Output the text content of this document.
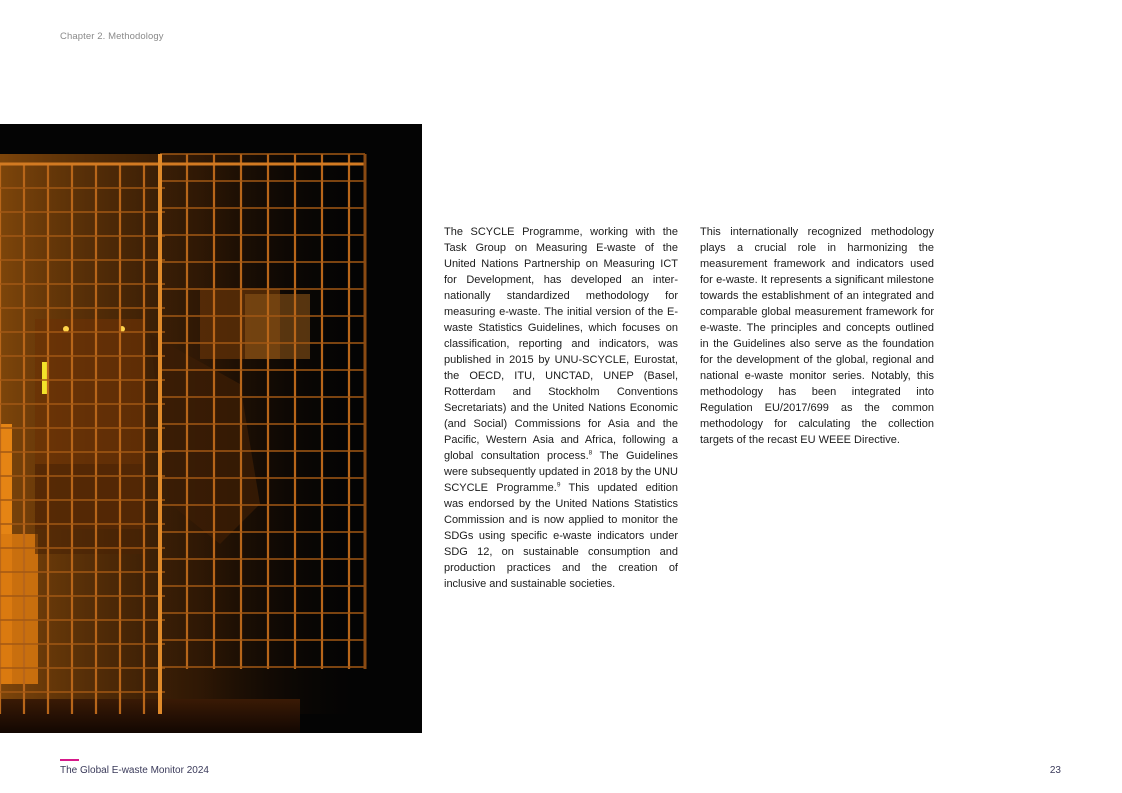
Chapter 2. Methodology
The SCYCLE Programme, working with the Task Group on Measuring E-waste of the United Nations Partnership on Measuring ICT for Development, has developed an internationally standardized methodology for measuring e-waste. The initial version of the E-waste Statistics Guidelines, which focuses on classification, reporting and indicators, was published in 2015 by UNU-SCYCLE, Eurostat, the OECD, ITU, UNCTAD, UNEP (Basel, Rotterdam and Stockholm Conventions Secretariats) and the United Nations Economic (and Social) Commissions for Asia and the Pacific, Western Asia and Africa, following a global consultation process.$^8$ The Guidelines were subsequently updated in 2018 by the UNU SCYCLE Programme.$^9$ This updated edition was endorsed by the United Nations Statistics Commission and is now applied to monitor the SDGs using specific e-waste indicators under SDG 12, on sustainable consumption and production practices and the creation of inclusive and sustainable societies.
This internationally recognized methodology plays a crucial role in harmonizing the measurement framework and indicators used for e-waste. It represents a significant milestone towards the establishment of an integrated and comparable global measurement framework for e-waste. The principles and concepts outlined in the Guidelines also serve as the foundation for the development of the global, regional and national e-waste monitor series. Notably, this methodology has been integrated into Regulation EU/2017/699 as the common methodology for calculating the collection targets of the recast EU WEEE Directive.
The Global E-waste Monitor 2024	23
